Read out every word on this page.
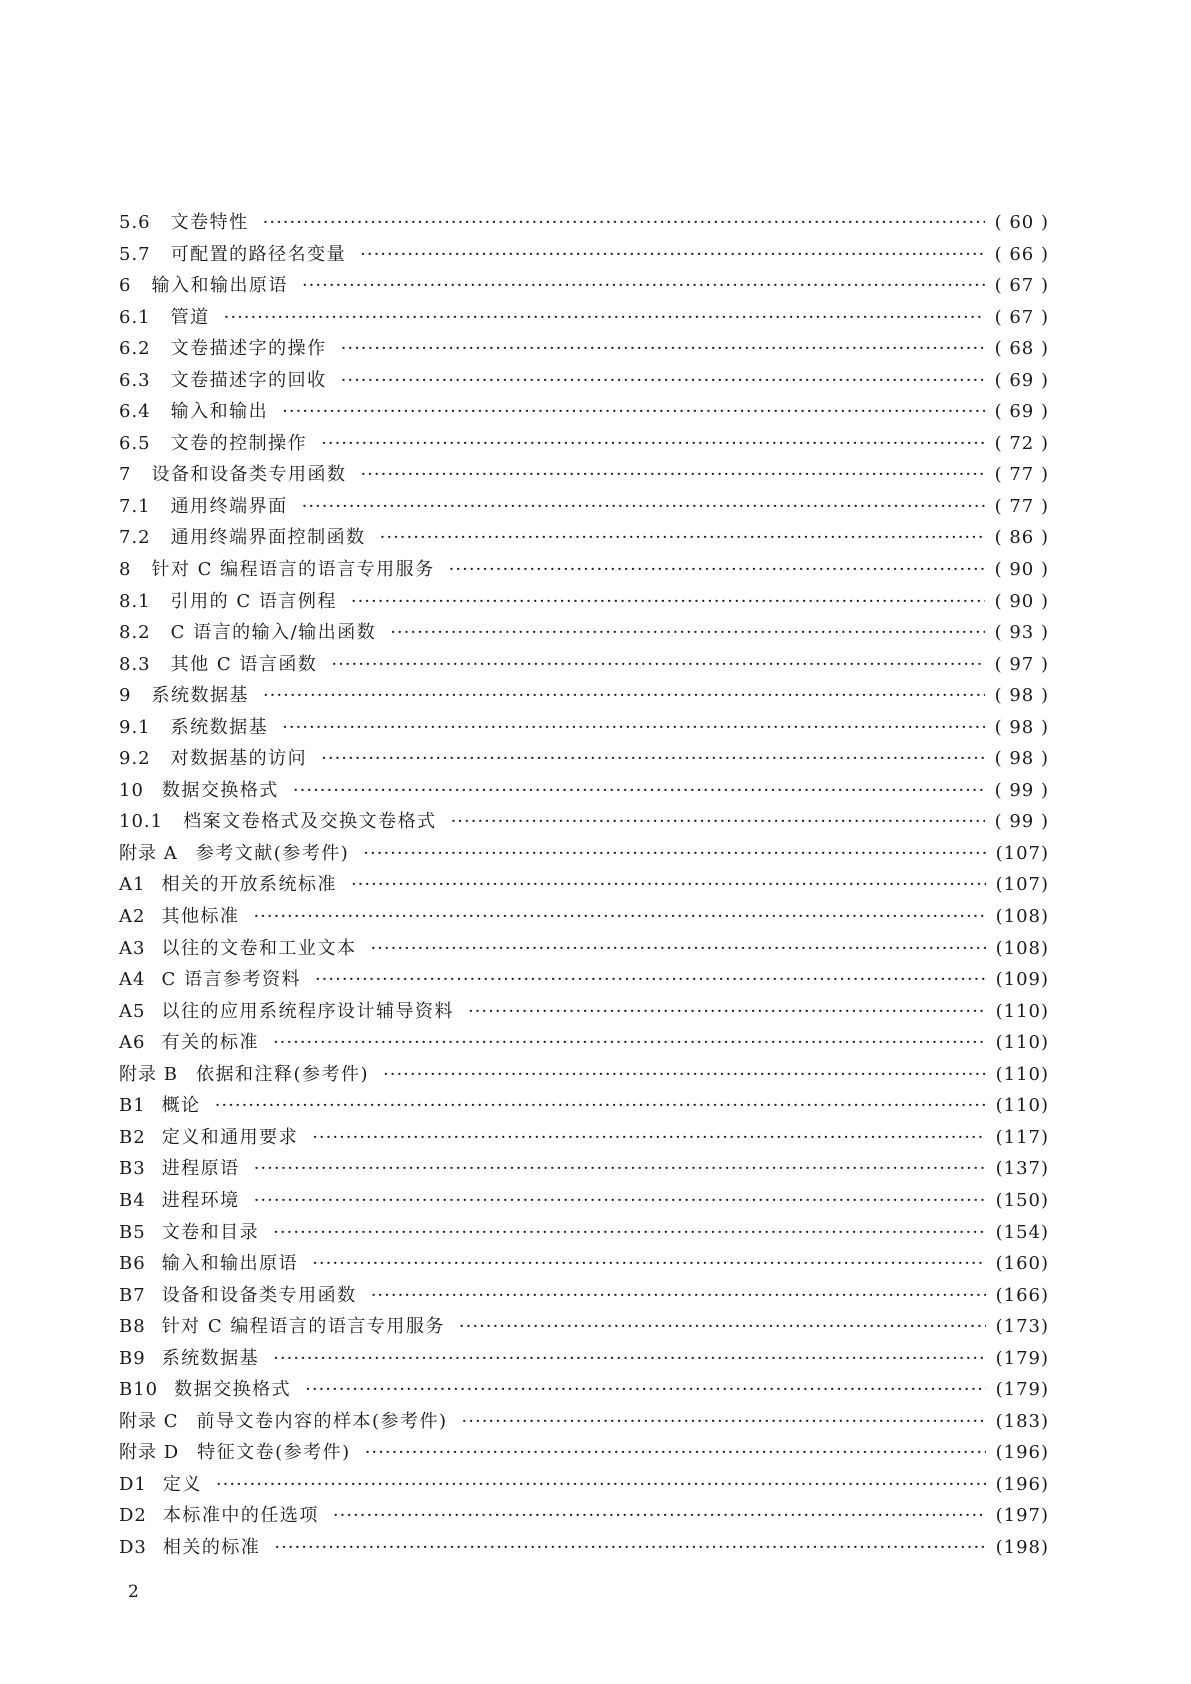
5.6 文卷特性 ·····	( 60 )
5.7 可配置的路径名变量 ·····	( 66 )
6 输入和输出原语 ·····	( 67 )
6.1 管道 ·····	( 67 )
6.2 文卷描述字的操作 ·····	( 68 )
6.3 文卷描述字的回收 ·····	( 69 )
6.4 输入和输出 ·····	( 69 )
6.5 文卷的控制操作 ·····	( 72 )
7 设备和设备类专用函数 ·····	( 77 )
7.1 通用终端界面 ·····	( 77 )
7.2 通用终端界面控制函数 ·····	( 86 )
8 针对 C 编程语言的语言专用服务 ·····	( 90 )
8.1 引用的 C 语言例程 ·····	( 90 )
8.2 C 语言的输入/输出函数 ·····	( 93 )
8.3 其他 C 语言函数 ·····	( 97 )
9 系统数据基 ·····	( 98 )
9.1 系统数据基 ·····	( 98 )
9.2 对数据基的访问 ·····	( 98 )
10 数据交换格式 ·····	( 99 )
10.1 档案文卷格式及交换文卷格式 ·····	( 99 )
附录 A 参考文献(参考件) ·····	(107)
A1 相关的开放系统标准 ·····	(107)
A2 其他标准 ·····	(108)
A3 以往的文卷和工业文本 ·····	(108)
A4 C 语言参考资料 ·····	(109)
A5 以往的应用系统程序设计辅导资料 ·····	(110)
A6 有关的标准 ·····	(110)
附录 B 依据和注释(参考件) ·····	(110)
B1 概论 ·····	(110)
B2 定义和通用要求 ·····	(117)
B3 进程原语 ·····	(137)
B4 进程环境 ·····	(150)
B5 文卷和目录 ·····	(154)
B6 输入和输出原语 ·····	(160)
B7 设备和设备类专用函数 ·····	(166)
B8 针对 C 编程语言的语言专用服务 ·····	(173)
B9 系统数据基 ·····	(179)
B10 数据交换格式 ·····	(179)
附录 C 前导文卷内容的样本(参考件) ·····	(183)
附录 D 特征文卷(参考件) ·····	(196)
D1 定义 ·····	(196)
D2 本标准中的任选项 ·····	(197)
D3 相关的标准 ·····	(198)
2
